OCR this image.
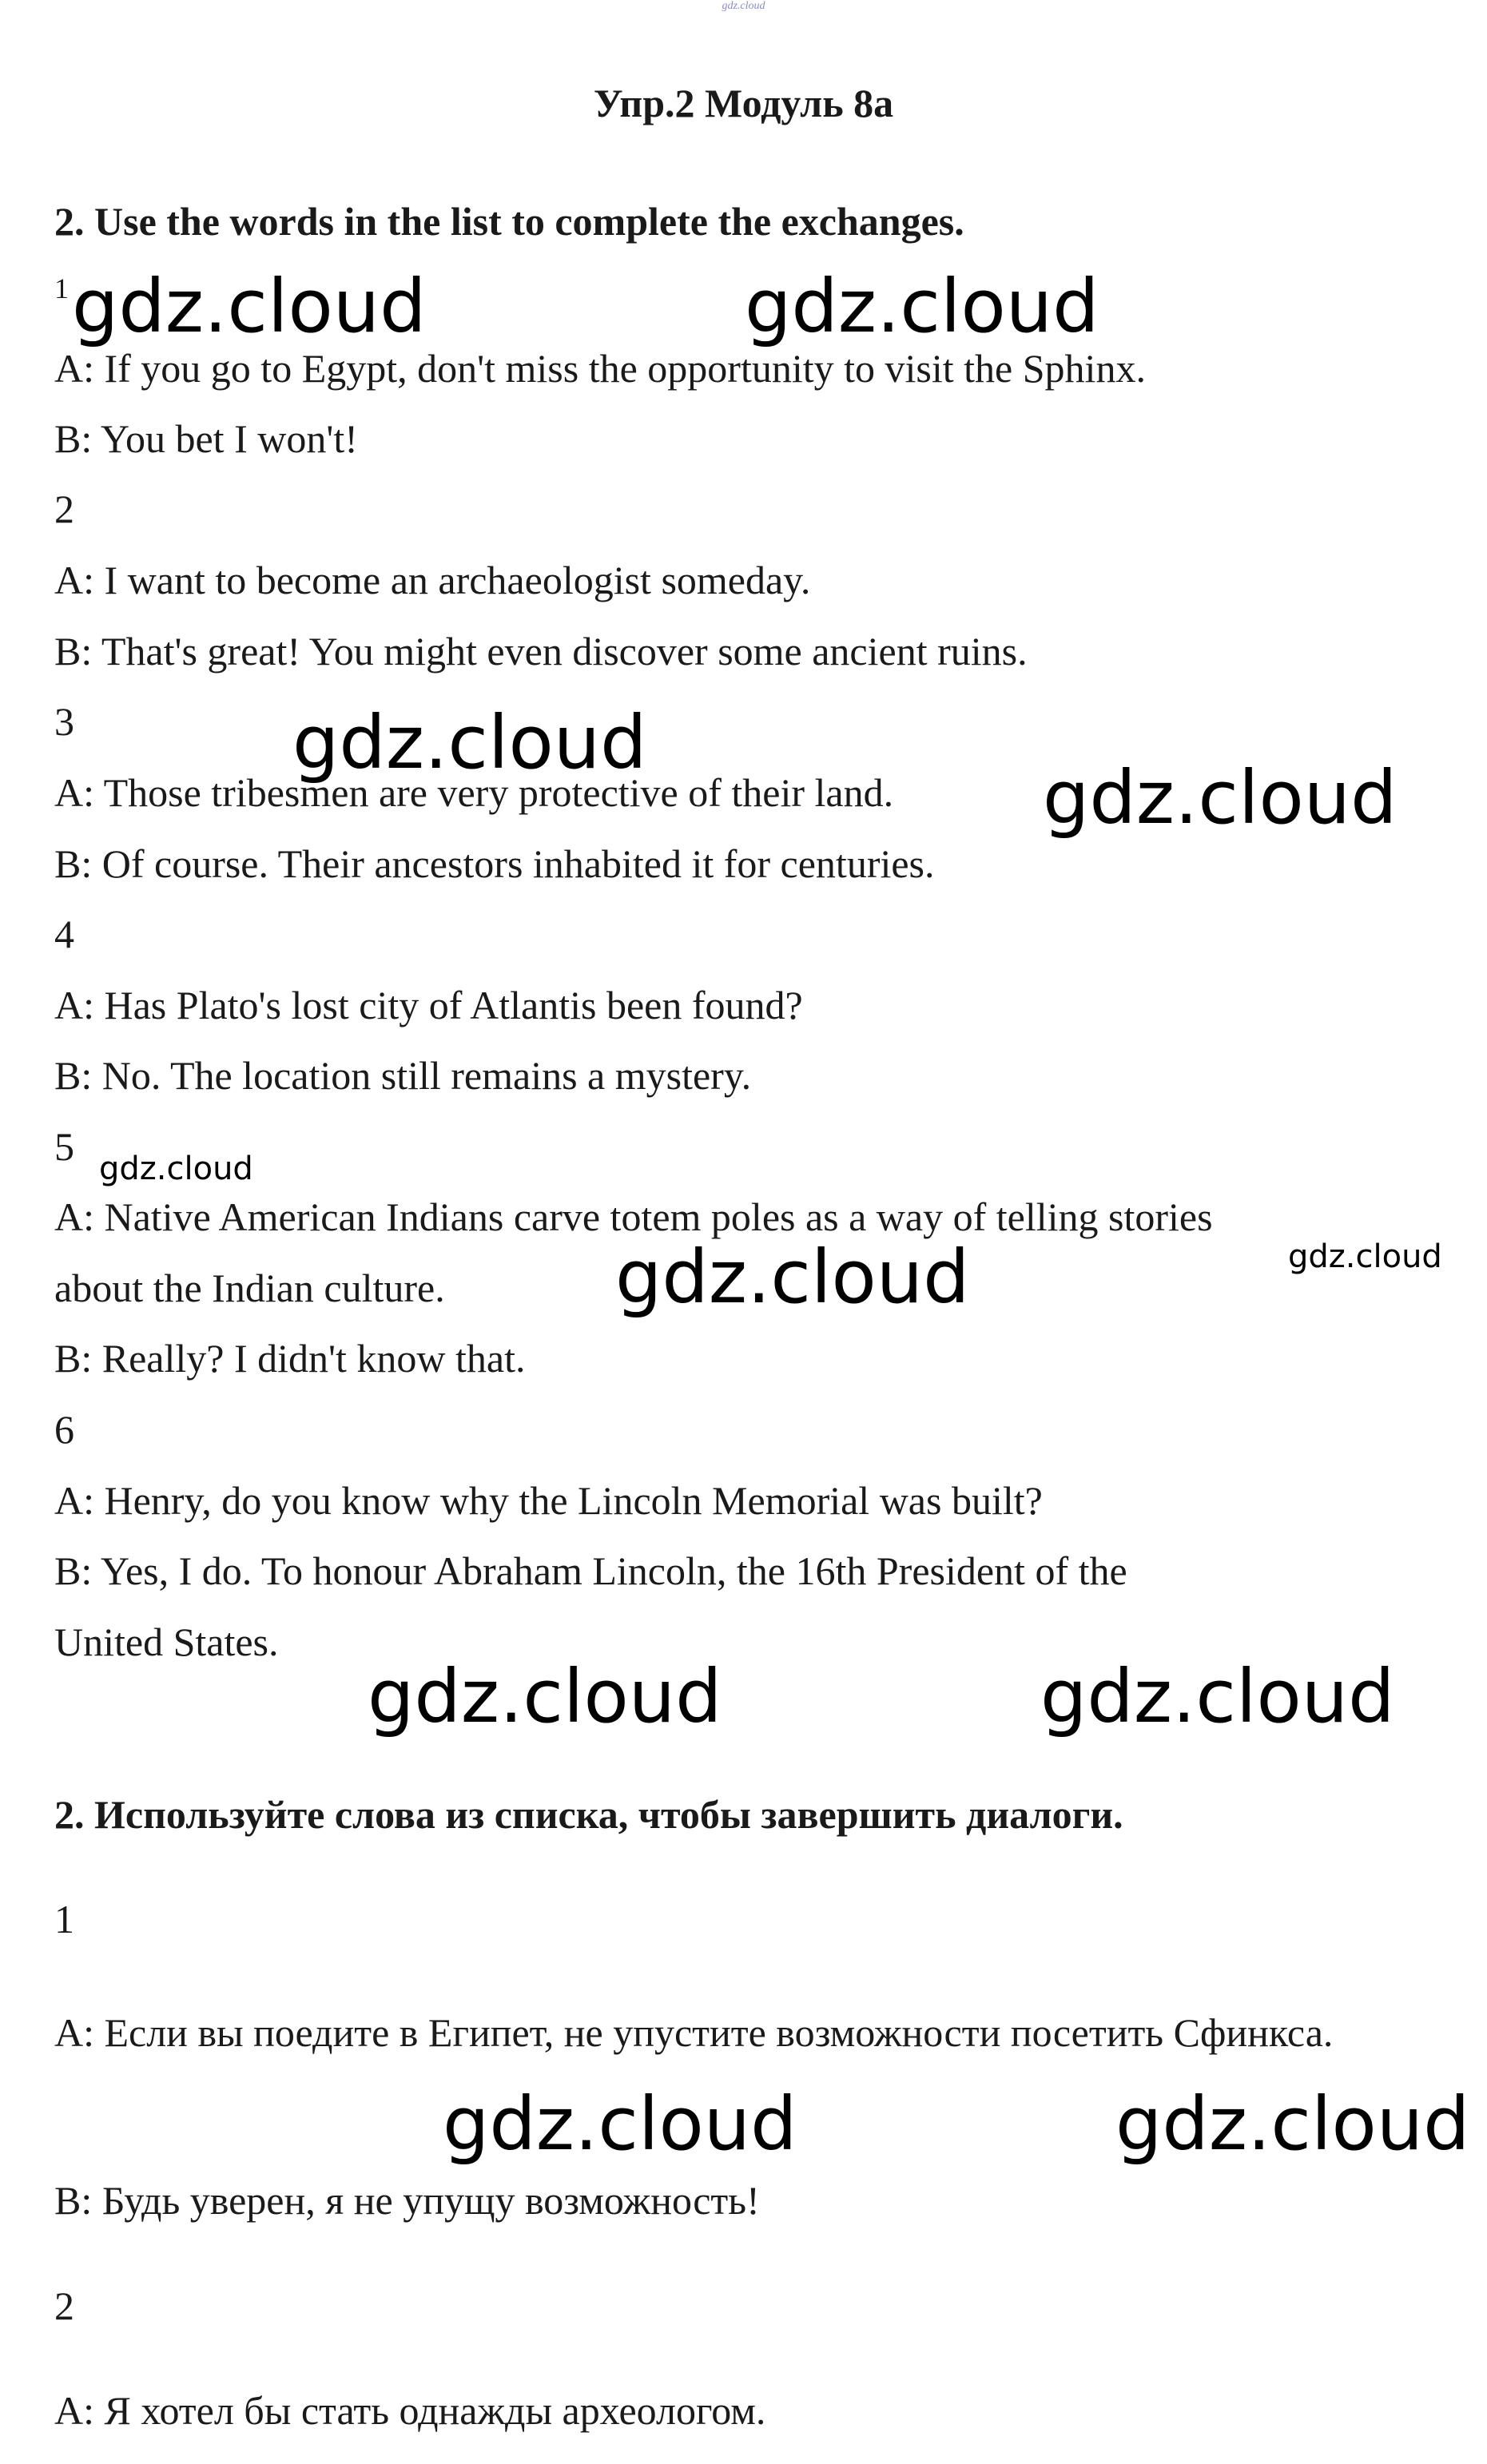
gdz.cloud
Упр.2 Модуль 8а
2. Use the words in the list to complete the exchanges.
$^1$
A: If you go to Egypt, don't miss the opportunity to visit the Sphinx.
B: You bet I won't!
2
A: I want to become an archaeologist someday.
B: That's great! You might even discover some ancient ruins.
3
A: Those tribesmen are very protective of their land.
B: Of course. Their ancestors inhabited it for centuries.
4
A: Has Plato's lost city of Atlantis been found?
B: No. The location still remains a mystery.
5
A: Native American Indians carve totem poles as a way of telling stories
about the Indian culture.
B: Really? I didn't know that.
6
A: Henry, do you know why the Lincoln Memorial was built?
B: Yes, I do. To honour Abraham Lincoln, the 16th President of the
United States.
2. Используйте слова из списка, чтобы завершить диалоги.
1
А: Если вы поедите в Египет, не упустите возможности посетить Сфинкса.
В: Будь уверен, я не упущу возможность!
2
А: Я хотел бы стать однажды археологом.
gdz.cloud	gdz.cloud
gdz.cloud
gdz.cloud
gdz.cloud
gdz.cloud	gdz.cloud
gdz.cloud	gdz.cloud
gdz.cloud	gdz.cloud
